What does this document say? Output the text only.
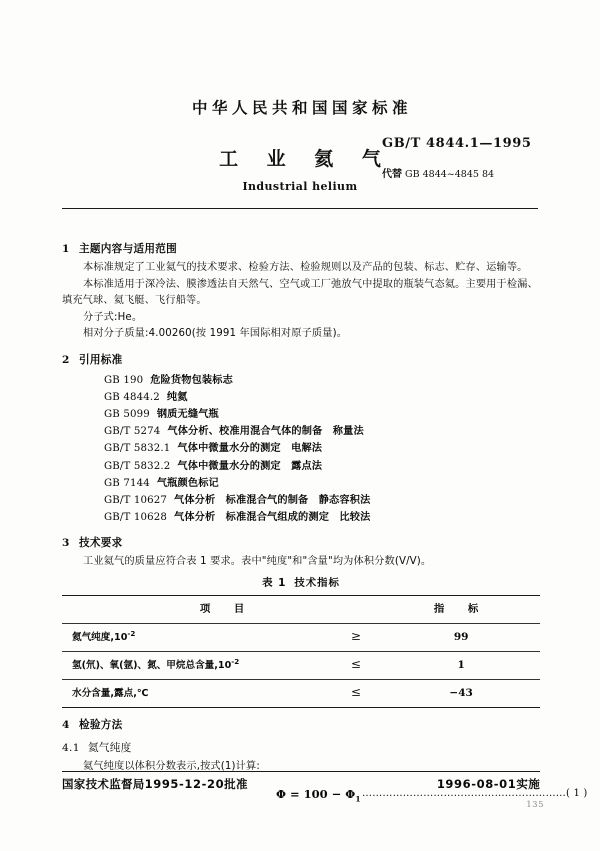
中华人民共和国国家标准
工 业 氦 气
Industrial helium
GB/T 4844.1—1995
代替 GB 4844~4845 84
1 主题内容与适用范围

本标准规定了工业氦气的技术要求、检验方法、检验规则以及产品的包装、标志、贮存、运输等。

本标准适用于深冷法、膜渗透法自天然气、空气或工厂弛放气中提取的瓶装气态氦。主要用于检漏、填充气球、氦飞艇、飞行船等。

分子式:He。

相对分子质量:4.00260(按 1991 年国际相对原子质量)。

2 引用标准
GB 190 危险货物包装标志
GB 4844.2 纯氦
GB 5099 钢质无缝气瓶
GB/T 5274 气体分析、校准用混合气体的制备　称量法
GB/T 5832.1 气体中微量水分的测定　电解法
GB/T 5832.2 气体中微量水分的测定　露点法
GB 7144 气瓶颜色标记
GB/T 10627 气体分析　标准混合气的制备　静态容积法
GB/T 10628 气体分析　标准混合气组成的测定　比较法
3 技术要求

工业氦气的质量应符合表 1 要求。表中"纯度"和"含量"均为体积分数(V/V)。

表 1 技术指标
项 目		指 标
氦气纯度$,10^{-2}$	≥	99
氢(氘)、氧(氩)、氮、甲烷总含量$,10^{-2}$	≤	1
水分含量,露点,℃	≤	−43

4 检验方法
4.1 氦气纯度

氦气纯度以体积分数表示,按式(1)计算:

$\Phi = 100 - \Phi_1$ ……………………………………………………( 1 )
国家技术监督局1995-12-20批准	1996-08-01实施
135
